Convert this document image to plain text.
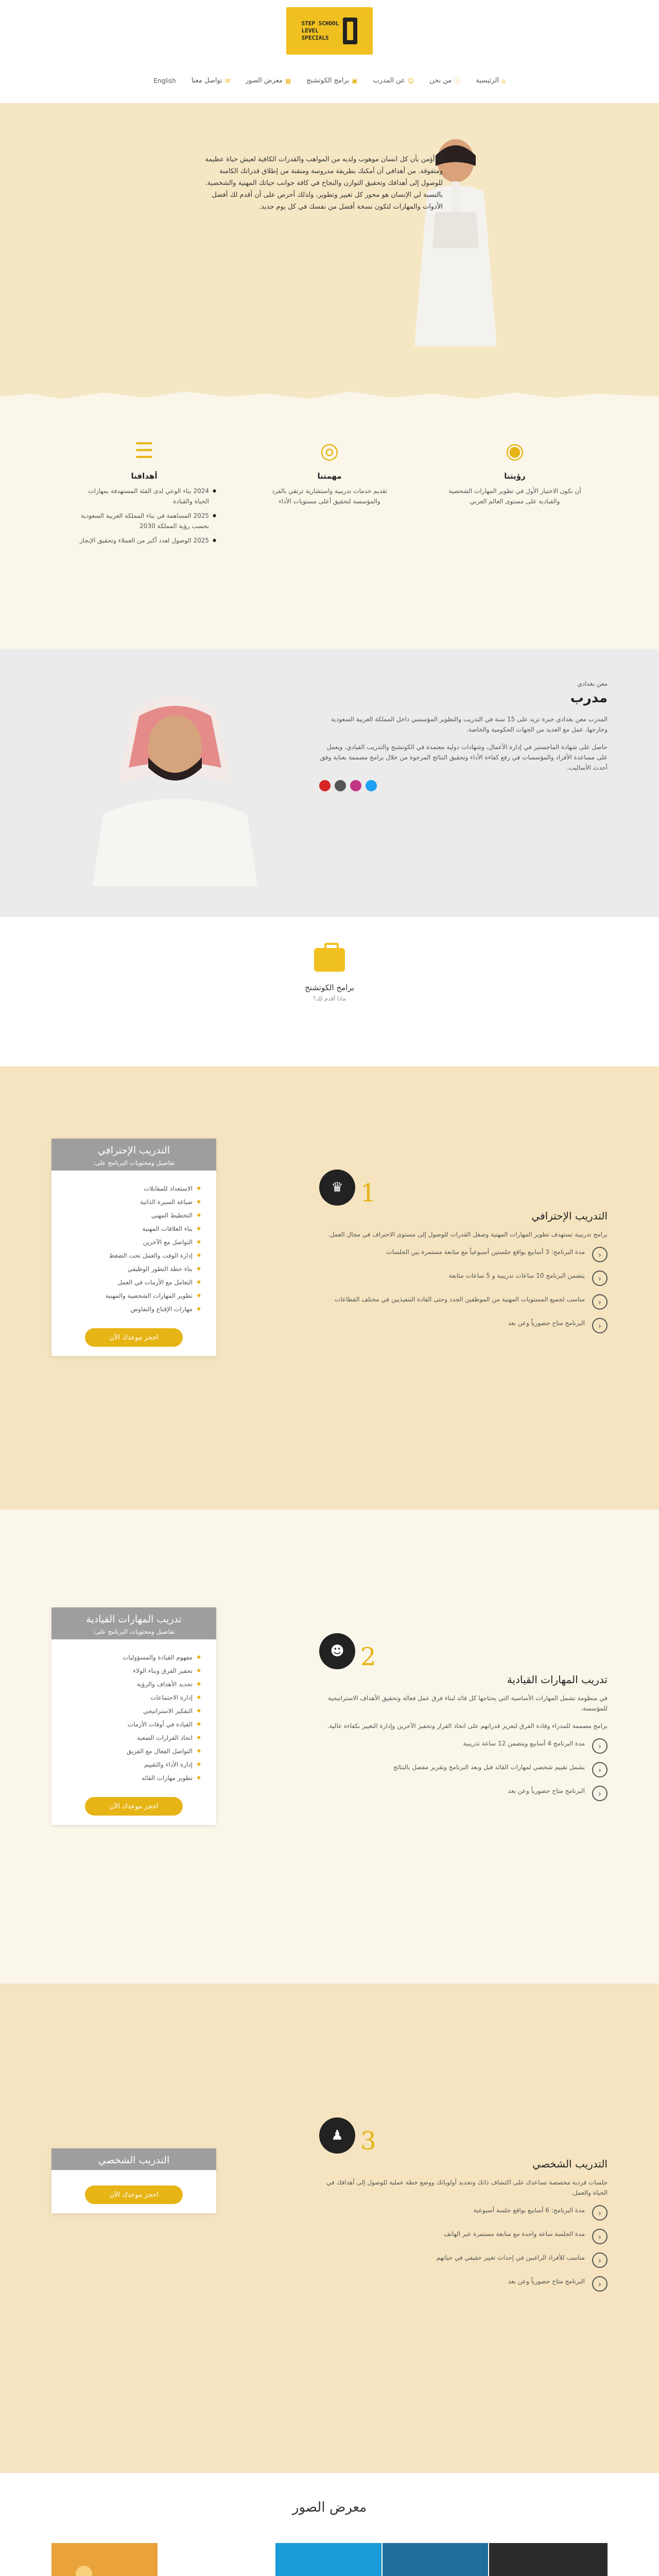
STEP SCHOOL
LEVEL
SPECIALS
⌂
الرئيسية
ⓘ
من نحن
☺
عن المدرب
▣
برامج الكوتشنج
▦
معرض الصور
✉
تواصل معنا
English

أنا أؤمن بأن كل انسان موهوب ولديه من المواهب والقدرات الكافية لعيش حياة عظيمة ومتفوقة. من أهدافي أن أمكنك بطريقة مدروسة ومتقنة من إطلاق قدراتك الكامنة للوصول إلى أهدافك وتحقيق التوازن والنجاح في كافة جوانب حياتك المهنية والشخصية. بالنسبة لي الإنسان هو محور كل تغيير وتطوير، ولذلك أحرص على أن أقدم لك أفضل الأدوات والمهارات لتكون نسخة أفضل من نفسك في كل يوم جديد.

◉
رؤيتنا

أن نكون الاختيار الأول في تطوير المهارات الشخصية والقيادية على مستوى العالم العربي

◎
مهمتنا

تقديم خدمات تدريبية واستشارية ترتقي بالفرد والمؤسسة لتحقيق أعلى مستويات الأداء

☰
أهدافنا
● 2024 بناء الوعي لدى الفئة المستهدفة بمهارات الحياة والقيادة
● 2025 المساهمة في بناء المملكة العربية السعودية بحسب رؤية المملكة 2030
● 2025 الوصول لعدد أكبر من العملاء وتحقيق الإنجاز
معن بغدادي
مدرب

المدرب معن بغدادي خبرة تزيد على 15 سنة في التدريب والتطوير المؤسسي داخل المملكة العربية السعودية وخارجها، عمل مع العديد من الجهات الحكومية والخاصة.

حاصل على شهادة الماجستير في إدارة الأعمال، وشهادات دولية معتمدة في الكوتشنج والتدريب القيادي، ويعمل على مساعدة الأفراد والمؤسسات في رفع كفاءة الأداء وتحقيق النتائج المرجوة من خلال برامج مصممة بعناية وفق أحدث الأساليب.

برامج الكوتشنج
ماذا أقدم لك؟
التدريب الإحترافي
تفاصيل ومحتويات البرنامج على:
◆ الاستعداد للمقابلات
◆ صياغة السيرة الذاتية
◆ التخطيط المهني
◆ بناء العلاقات المهنية
◆ التواصل مع الآخرين
◆ إدارة الوقت والعمل تحت الضغط
◆ بناء خطة التطور الوظيفي
◆ التعامل مع الأزمات في العمل
◆ تطوير المهارات الشخصية والمهنية
◆ مهارات الإقناع والتفاوض
احجز موعدك الآن
1
♛
التدريب الإحترافي

برامج تدريبية تستهدف تطوير المهارات المهنية وصقل القدرات للوصول إلى مستوى الاحتراف في مجال العمل.

‹
مدة البرنامج: 3 أسابيع بواقع جلستين أسبوعياً مع متابعة مستمرة بين الجلسات
‹
يتضمن البرنامج 10 ساعات تدريبية و 5 ساعات متابعة
‹
مناسب لجميع المستويات المهنية من الموظفين الجدد وحتى القادة التنفيذيين في مختلف القطاعات
‹
البرنامج متاح حضورياً وعن بعد
تدريب المهارات القيادية
تفاصيل ومحتويات البرنامج على:
◆ مفهوم القيادة والمسؤوليات
◆ تحفيز الفرق وبناء الولاء
◆ تحديد الأهداف والرؤية
◆ إدارة الاجتماعات
◆ التفكير الاستراتيجي
◆ القيادة في أوقات الأزمات
◆ اتخاذ القرارات الصعبة
◆ التواصل الفعال مع الفريق
◆ إدارة الأداء والتقييم
◆ تطوير مهارات القائد
احجز موعدك الآن
2
☻
تدريب المهارات القيادية

في منظومة تشمل المهارات الأساسية التي يحتاجها كل قائد لبناء فرق عمل فعالة وتحقيق الأهداف الاستراتيجية للمؤسسة.

برامج مصممة للمدراء وقادة الفرق لتعزيز قدراتهم على اتخاذ القرار وتحفيز الآخرين وإدارة التغيير بكفاءة عالية.

‹
مدة البرنامج 4 أسابيع ويتضمن 12 ساعة تدريبية
‹
يشمل تقييم شخصي لمهارات القائد قبل وبعد البرنامج وتقرير مفصل بالنتائج
‹
البرنامج متاح حضورياً وعن بعد
التدريب الشخصي
احجز موعدك الآن
3
♟
التدريب الشخصي

جلسات فردية مخصصة تساعدك على اكتشاف ذاتك وتحديد أولوياتك ووضع خطة عملية للوصول إلى أهدافك في الحياة والعمل.

‹
مدة البرنامج: 6 أسابيع بواقع جلسة أسبوعية
‹
مدة الجلسة ساعة واحدة مع متابعة مستمرة عبر الهاتف
‹
مناسب للأفراد الراغبين في إحداث تغيير حقيقي في حياتهم
‹
البرنامج متاح حضورياً وعن بعد
معرض الصور
